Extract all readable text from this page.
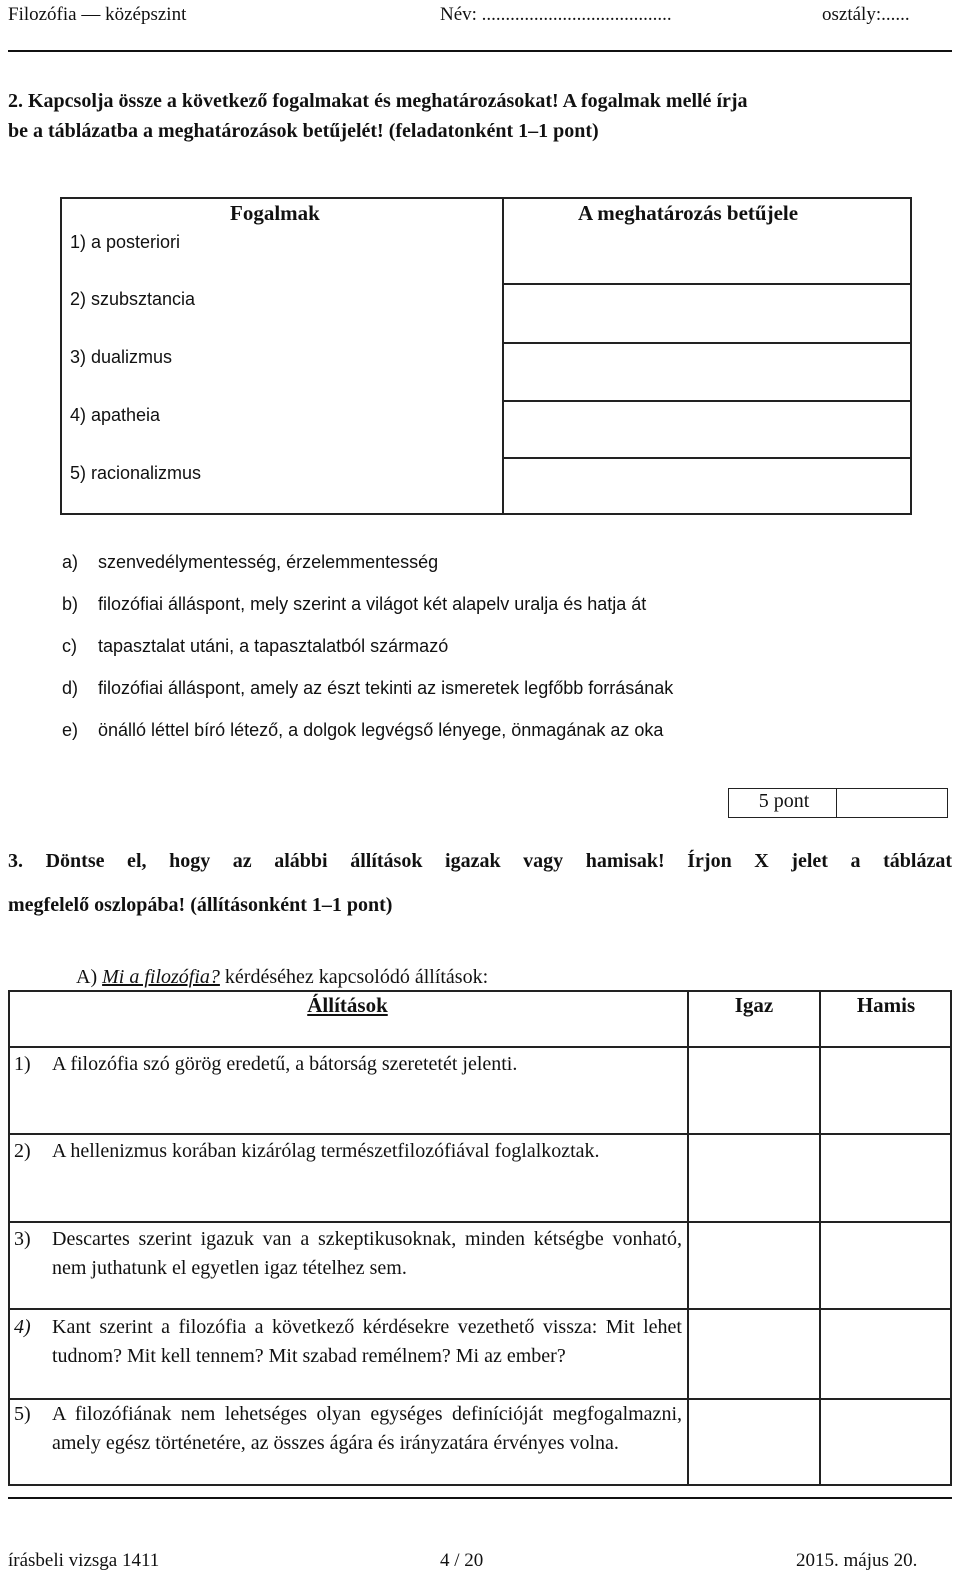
Filozófia — középszint	Név: ........................................	osztály:......
2. Kapcsolja össze a következő fogalmakat és meghatározásokat! A fogalmak mellé írja
be a táblázatba a meghatározások betűjelét! (feladatonként 1–1 pont)
Fogalmak	A meghatározás betűjele
1) a posteriori
2) szubsztancia
3) dualizmus
4) apatheia
5) racionalizmus
a) szenvedélymentesség, érzelemmentesség
b) filozófiai álláspont, mely szerint a világot két alapelv uralja és hatja át
c) tapasztalat utáni, a tapasztalatból származó
d) filozófiai álláspont, amely az észt tekinti az ismeretek legfőbb forrásának
e) önálló léttel bíró létező, a dolgok legvégső lényege, önmagának az oka
5 pont
3. Döntse el, hogy az alábbi állítások igazak vagy hamisak! Írjon X jelet a táblázat
megfelelő oszlopába! (állításonként 1–1 pont)
A) Mi a filozófia? kérdéséhez kapcsolódó állítások:
Állítások	Igaz	Hamis
1) A filozófia szó görög eredetű, a bátorság szeretetét jelenti.
2) A hellenizmus korában kizárólag természetfilozófiával foglalkoztak.
3) Descartes szerint igazuk van a szkeptikusoknak, minden kétségbe vonható, nem juthatunk el egyetlen igaz tételhez sem.
4) Kant szerint a filozófia a következő kérdésekre vezethető vissza: Mit lehet tudnom? Mit kell tennem? Mit szabad remélnem? Mi az ember?
5) A filozófiának nem lehetséges olyan egységes definícióját megfogalmazni, amely egész történetére, az összes ágára és irányzatára érvényes volna.
írásbeli vizsga 1411	4 / 20	2015. május 20.
